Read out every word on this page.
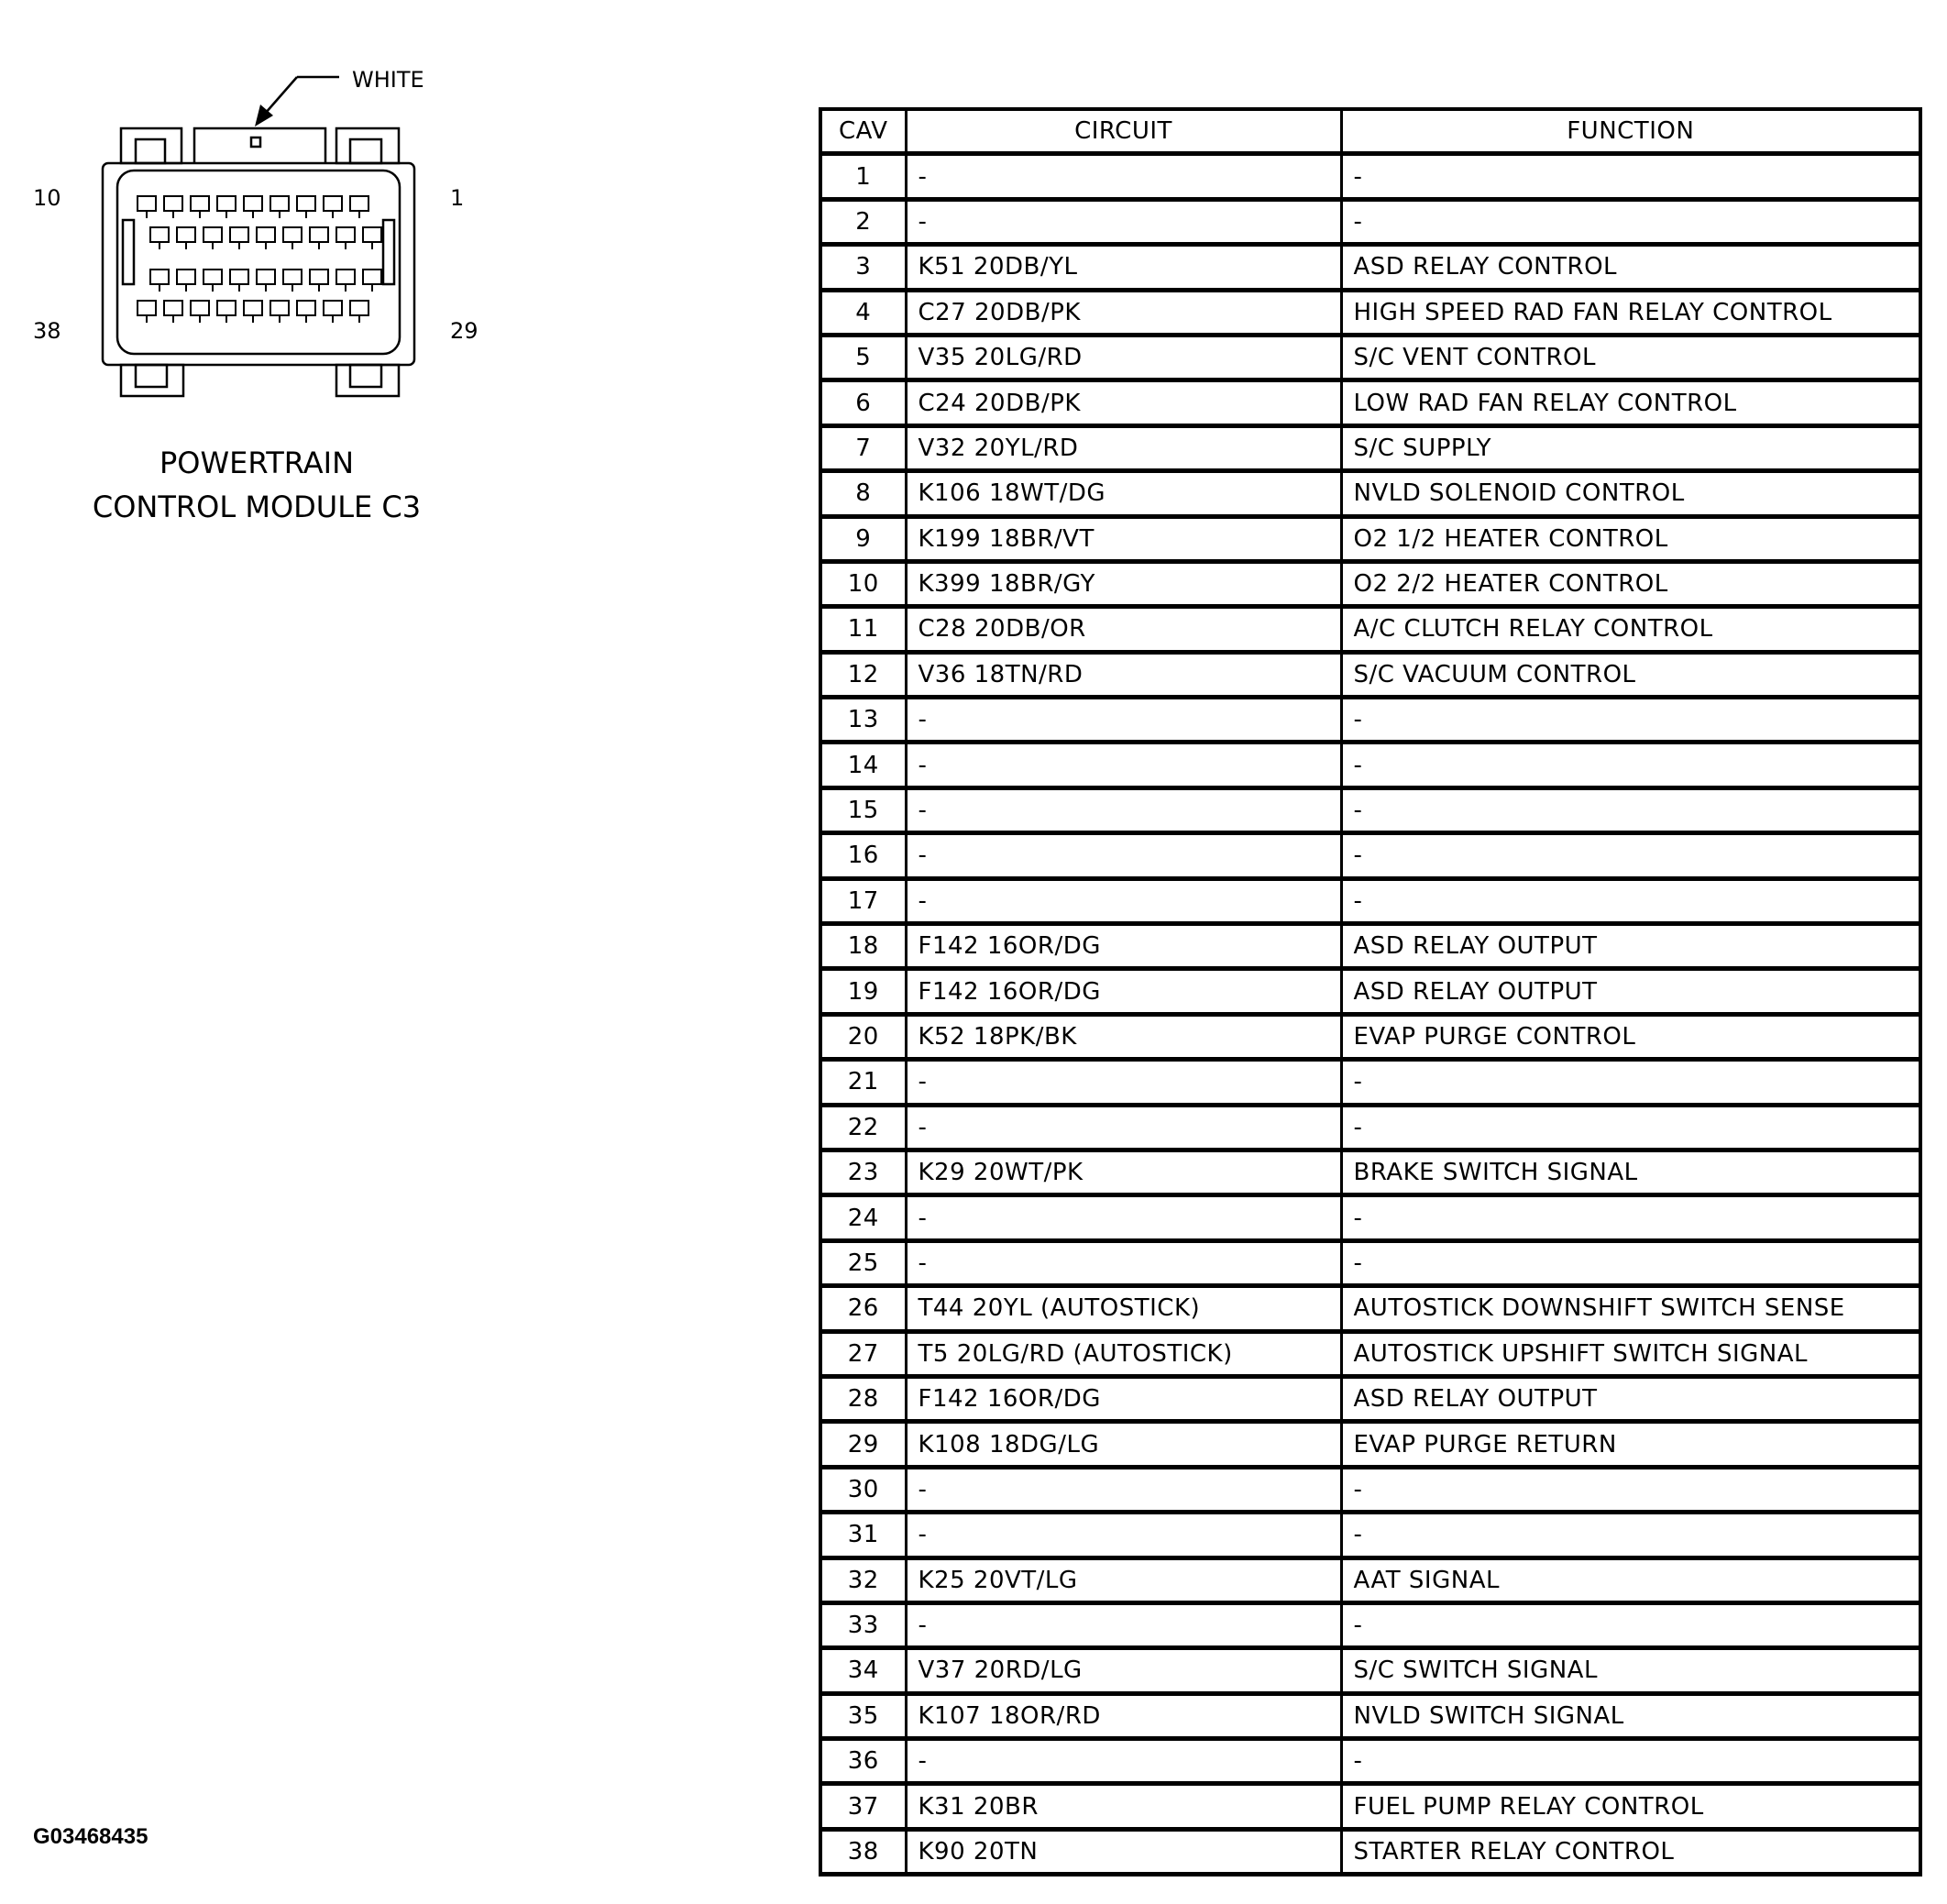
WHITE
10	1
38	29
POWERTRAIN
CONTROL MODULE C3
CAV	CIRCUIT	FUNCTION
1	-	-
2	-	-
3	K51 20DB/YL	ASD RELAY CONTROL
4	C27 20DB/PK	HIGH SPEED RAD FAN RELAY CONTROL
5	V35 20LG/RD	S/C VENT CONTROL
6	C24 20DB/PK	LOW RAD FAN RELAY CONTROL
7	V32 20YL/RD	S/C SUPPLY
8	K106 18WT/DG	NVLD SOLENOID CONTROL
9	K199 18BR/VT	O2 1/2 HEATER CONTROL
10	K399 18BR/GY	O2 2/2 HEATER CONTROL
11	C28 20DB/OR	A/C CLUTCH RELAY CONTROL
12	V36 18TN/RD	S/C VACUUM CONTROL
13	-	-
14	-	-
15	-	-
16	-	-
17	-	-
18	F142 16OR/DG	ASD RELAY OUTPUT
19	F142 16OR/DG	ASD RELAY OUTPUT
20	K52 18PK/BK	EVAP PURGE CONTROL
21	-	-
22	-	-
23	K29 20WT/PK	BRAKE SWITCH SIGNAL
24	-	-
25	-	-
26	T44 20YL (AUTOSTICK)	AUTOSTICK DOWNSHIFT SWITCH SENSE
27	T5 20LG/RD (AUTOSTICK)	AUTOSTICK UPSHIFT SWITCH SIGNAL
28	F142 16OR/DG	ASD RELAY OUTPUT
29	K108 18DG/LG	EVAP PURGE RETURN
30	-	-
31	-	-
32	K25 20VT/LG	AAT SIGNAL
33	-	-
34	V37 20RD/LG	S/C SWITCH SIGNAL
35	K107 18OR/RD	NVLD SWITCH SIGNAL
36	-	-
37	K31 20BR	FUEL PUMP RELAY CONTROL
38	K90 20TN	STARTER RELAY CONTROL
G03468435
